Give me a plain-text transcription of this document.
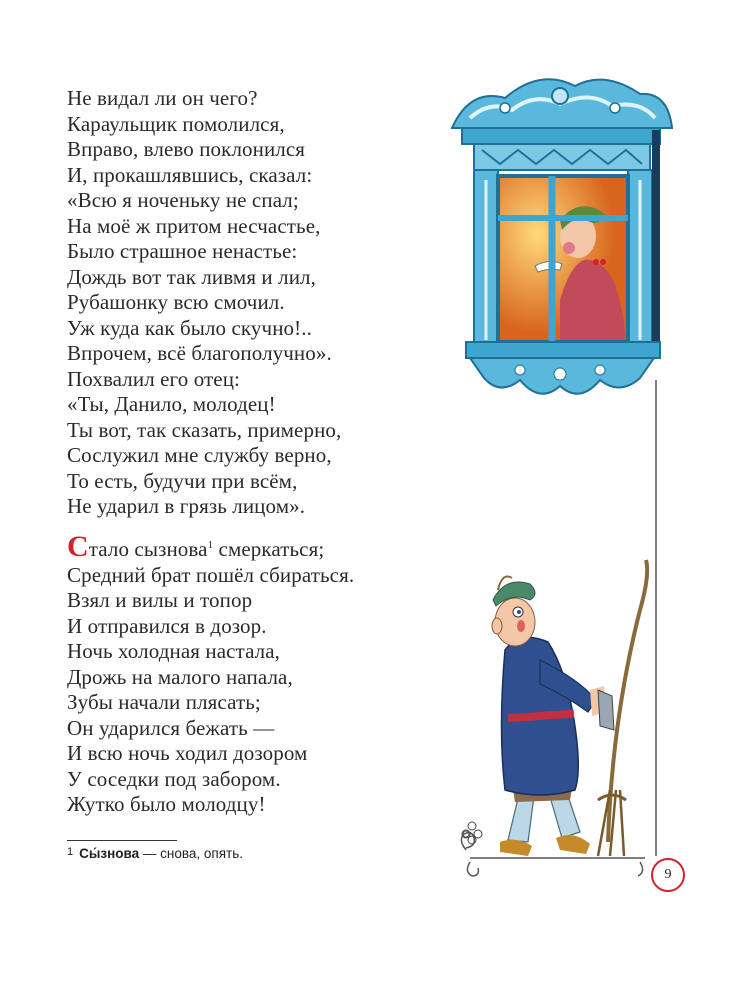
Не видал ли он чего?
Караульщик помолился,
Вправо, влево поклонился
И, прокашлявшись, сказал:
«Всю я ноченьку не спал;
На моё ж притом несчастье,
Было страшное ненастье:
Дождь вот так ливмя и лил,
Рубашонку всю смочил.
Уж куда как было скучно!..
Впрочем, всё благополучно».
Похвалил его отец:
«Ты, Данило, молодец!
Ты вот, так сказать, примерно,
Сослужил мне службу верно,
То есть, будучи при всём,
Не ударил в грязь лицом».
Стало сызнова$^1$ смеркаться;
Средний брат пошёл сбираться.
Взял и вилы и топор
И отправился в дозор.
Ночь холодная настала,
Дрожь на малого напала,
Зубы начали плясать;
Он ударился бежать —
И всю ночь ходил дозором
У соседки под забором.
Жутко было молодцу!
$^1$ Сы́знова — снова, опять.
9
